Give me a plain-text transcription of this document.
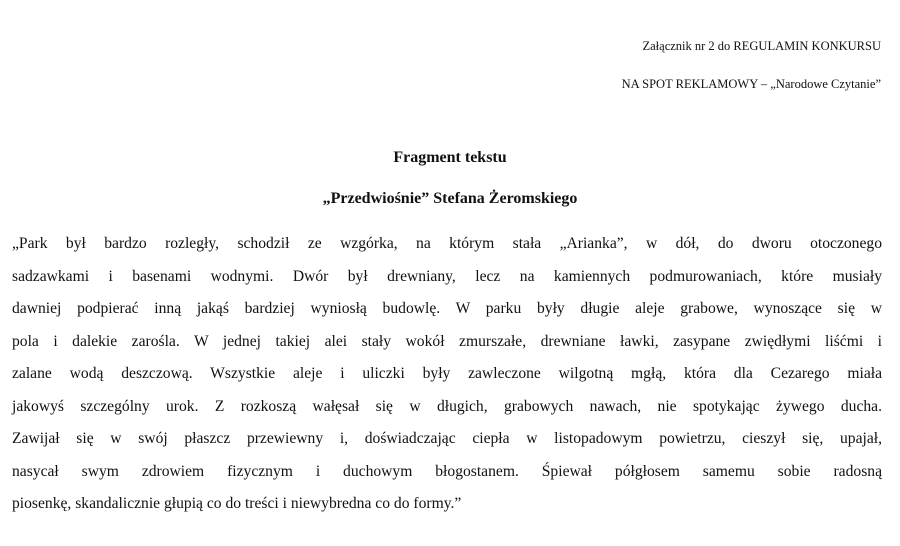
Załącznik nr 2 do REGULAMIN KONKURSU
NA SPOT REKLAMOWY – „Narodowe Czytanie”
Fragment tekstu
„Przedwiośnie” Stefana Żeromskiego
„Park był bardzo rozległy, schodził ze wzgórka, na którym stała „Arianka”, w dół, do dworu otoczonego
sadzawkami i basenami wodnymi. Dwór był drewniany, lecz na kamiennych podmurowaniach, które musiały
dawniej podpierać inną jakąś bardziej wyniosłą budowlę. W parku były długie aleje grabowe, wynoszące się w
pola i dalekie zarośla. W jednej takiej alei stały wokół zmurszałe, drewniane ławki, zasypane zwiędłymi liśćmi i
zalane wodą deszczową. Wszystkie aleje i uliczki były zawleczone wilgotną mgłą, która dla Cezarego miała
jakowyś szczególny urok. Z rozkoszą wałęsał się w długich, grabowych nawach, nie spotykając żywego ducha.
Zawijał się w swój płaszcz przewiewny i, doświadczając ciepła w listopadowym powietrzu, cieszył się, upajał,
nasycał swym zdrowiem fizycznym i duchowym błogostanem. Śpiewał półgłosem samemu sobie radosną
piosenkę, skandalicznie głupią co do treści i niewybredna co do formy.”
